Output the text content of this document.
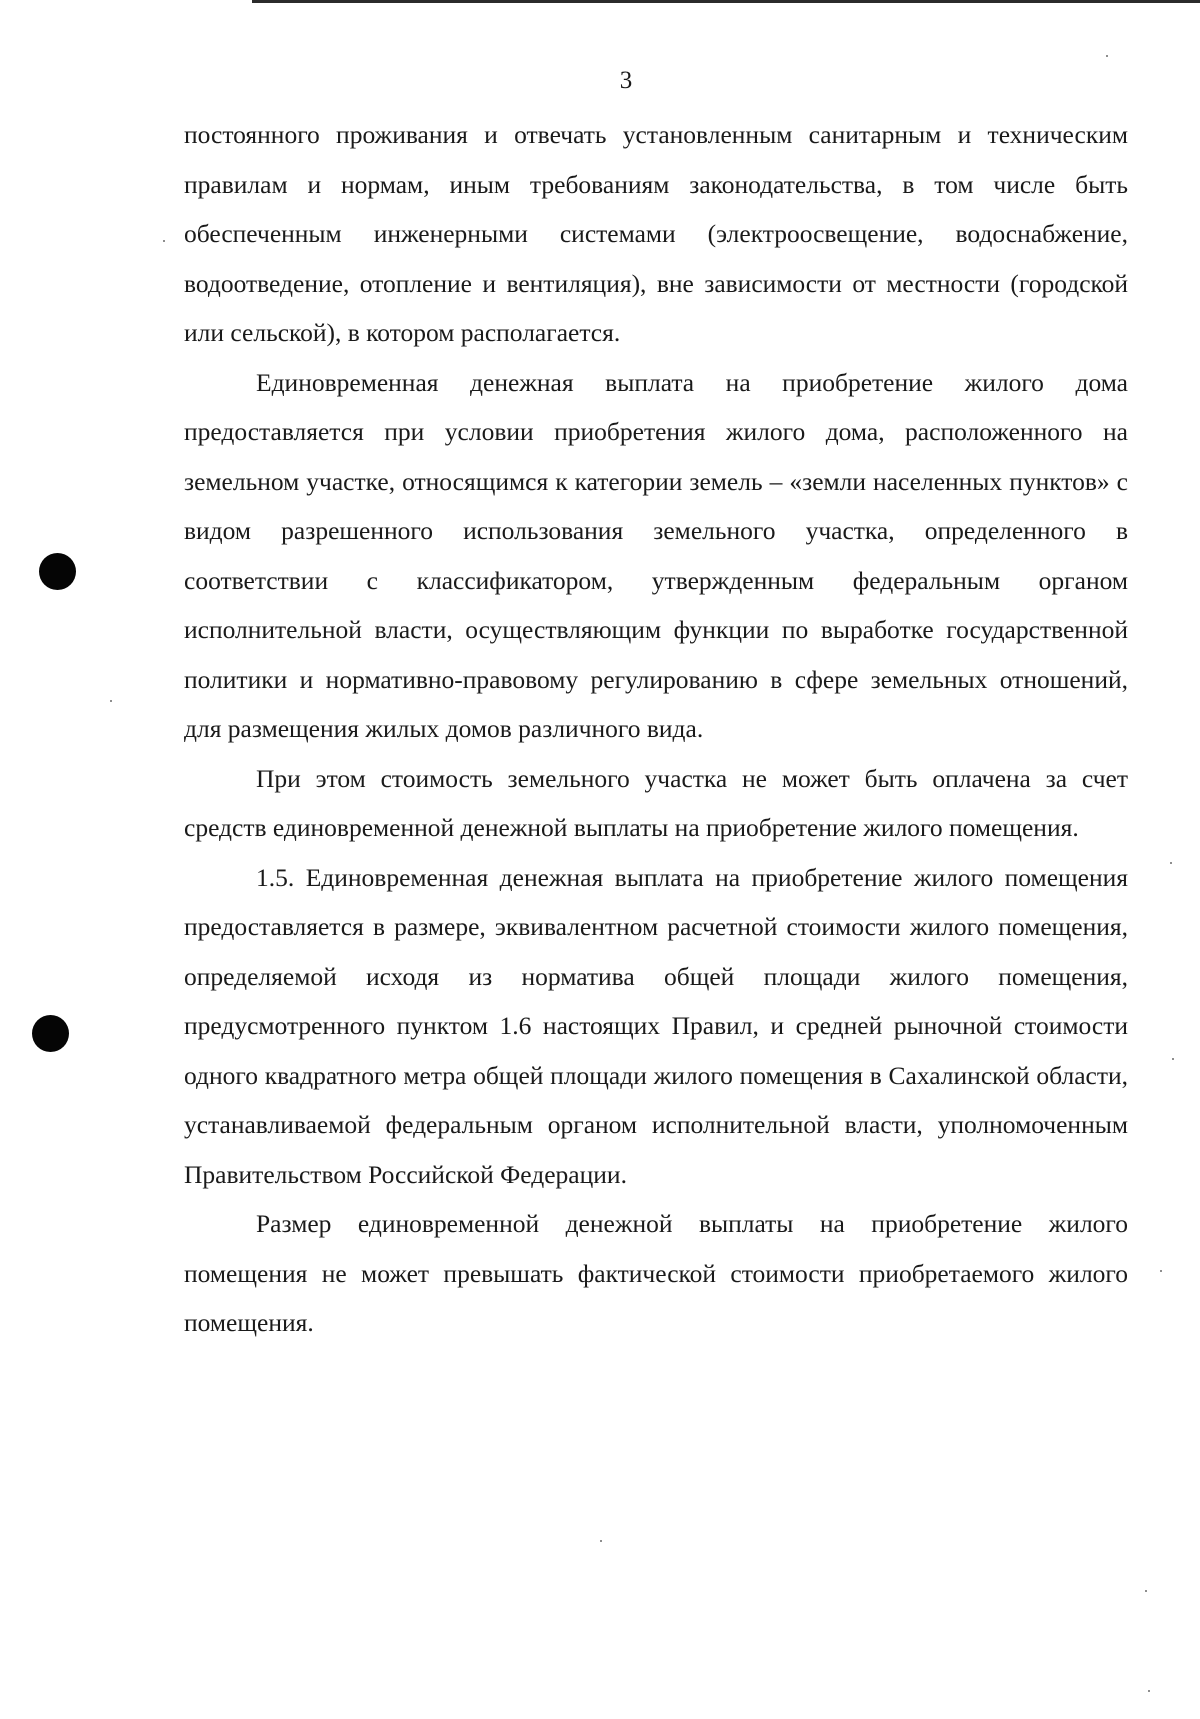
3

постоянного проживания и отвечать установленным санитарным и техническим правилам и нормам, иным требованиям законодательства, в том числе быть обеспеченным инженерными системами (электроосвещение, водоснабжение, водоотведение, отопление и вентиляция), вне зависимости от местности (городской или сельской), в котором располагается.

Единовременная денежная выплата на приобретение жилого дома предоставляется при условии приобретения жилого дома, расположенного на земельном участке, относящимся к категории земель – «земли населенных пунктов» с видом разрешенного использования земельного участка, определенного в соответствии с классификатором, утвержденным федеральным органом исполнительной власти, осуществляющим функции по выработке государственной политики и нормативно-правовому регулированию в сфере земельных отношений, для размещения жилых домов различного вида.

При этом стоимость земельного участка не может быть оплачена за счет средств единовременной денежной выплаты на приобретение жилого помещения.

1.5. Единовременная денежная выплата на приобретение жилого помещения предоставляется в размере, эквивалентном расчетной стоимости жилого помещения, определяемой исходя из норматива общей площади жилого помещения, предусмотренного пунктом 1.6 настоящих Правил, и средней рыночной стоимости одного квадратного метра общей площади жилого помещения в Сахалинской области, устанавливаемой федеральным органом исполнительной власти, уполномоченным Правительством Российской Федерации.

Размер единовременной денежной выплаты на приобретение жилого помещения не может превышать фактической стоимости приобретаемого жилого помещения.
